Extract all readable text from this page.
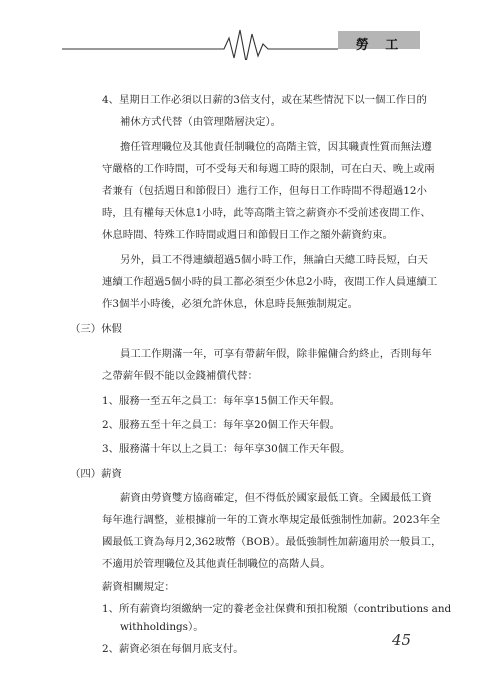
勞 工
4、星期日工作必須以日薪的3倍支付，或在某些情況下以一個工作日的
補休方式代替（由管理階層決定）。
擔任管理職位及其他責任制職位的高階主管，因其職責性質而無法遵
守嚴格的工作時間，可不受每天和每週工時的限制，可在白天、晚上或兩
者兼有（包括週日和節假日）進行工作，但每日工作時間不得超過12小
時，且有權每天休息1小時，此等高階主管之薪資亦不受前述夜間工作、
休息時間、特殊工作時間或週日和節假日工作之額外薪資約束。
另外，員工不得連續超過5個小時工作，無論白天總工時長短，白天
連續工作超過5個小時的員工都必須至少休息2小時，夜間工作人員連續工
作3個半小時後，必須允許休息，休息時長無強制規定。
（三）休假
員工工作期滿一年，可享有帶薪年假，除非僱傭合約終止，否則每年
之帶薪年假不能以金錢補償代替：
1、服務一至五年之員工：每年享15個工作天年假。
2、服務五至十年之員工：每年享20個工作天年假。
3、服務滿十年以上之員工：每年享30個工作天年假。
（四）薪資
薪資由勞資雙方協商確定，但不得低於國家最低工資。全國最低工資
每年進行調整，並根據前一年的工資水準規定最低強制性加薪。2023年全
國最低工資為每月2,362玻幣（BOB）。最低強制性加薪適用於一般員工，
不適用於管理職位及其他責任制職位的高階人員。
薪資相關規定：
1、所有薪資均須繳納一定的養老金社保費和預扣稅額（contributions and
withholdings）。
2、薪資必須在每個月底支付。	45
